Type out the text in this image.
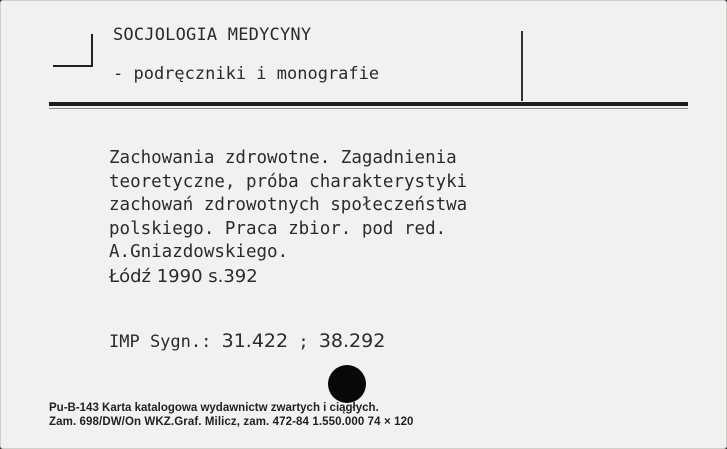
SOCJOLOGIA MEDYCYNY
- podręczniki i monografie
Zachowania zdrowotne. Zagadnienia
teoretyczne, próba charakterystyki
zachowań zdrowotnych społeczeństwa
polskiego. Praca zbior. pod red.
A.Gniazdowskiego.
Łódź 1990 s.392
IMP Sygn.: 31.422 ; 38.292
Pu-B-143 Karta katalogowa wydawnictw zwartych i ciągłych.
Zam. 698/DW/On WKZ.Graf. Milicz, zam. 472-84 1.550.000 74 × 120
